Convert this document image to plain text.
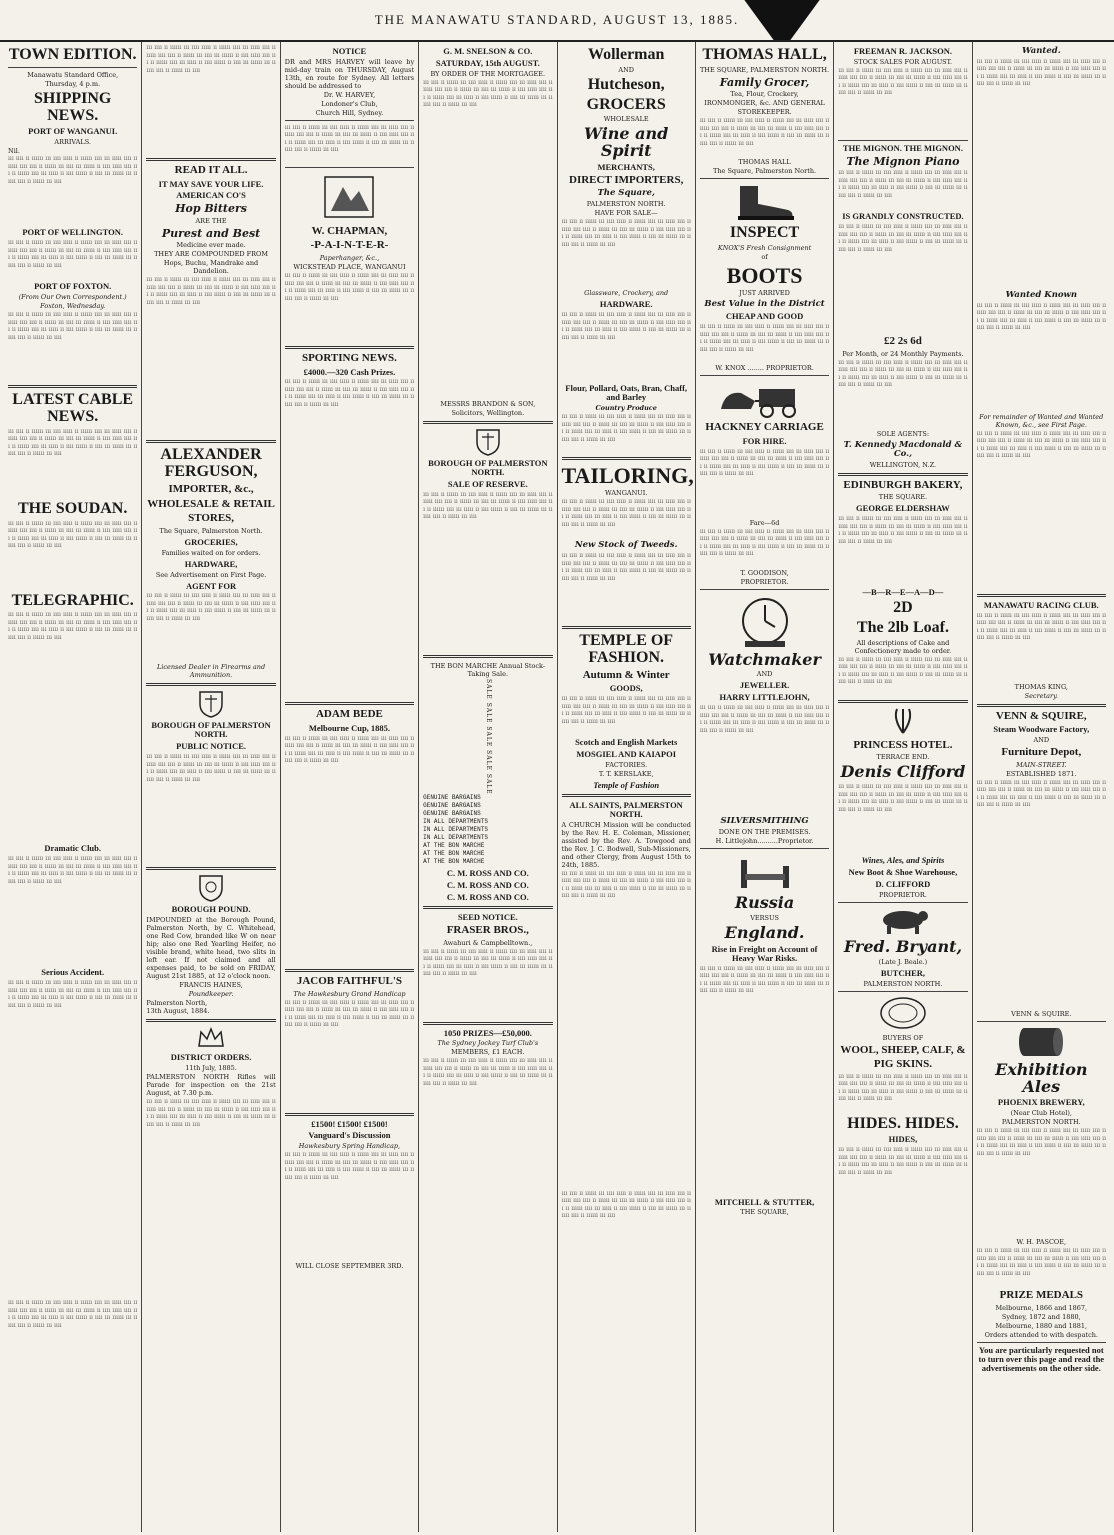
THE MANAWATU STANDARD, AUGUST 13, 1885.
TOWN EDITION.
Manawatu Standard Office,
Thursday, 4 p.m.
SHIPPING NEWS.
PORT OF WANGANUI.
ARRIVALS.
Nil.
ııı ıııı ıı ıııııı ııı ıııı ııııı ıı ıııııı ıııı ııı ııııı ıııı ıı ııııı ıııı ıııı ıı ıııııı ııı ıııı ııı ıııııı ıı ıııı ııııı ıııı ııı ıı ıııııı ıııı ııı ııııı ıı ıııı ıııııı ıı ıııı ııı ıııııı ııı ıı ıııı ıııı ıı ıııııı ııı ıııı
PORT OF WELLINGTON.
ııı ıııı ıı ıııııı ııı ıııı ııııı ıı ıııııı ıııı ııı ııııı ıııı ıı ııııı ıııı ıııı ıı ıııııı ııı ıııı ııı ıııııı ıı ıııı ııııı ıııı ııı ıı ıııııı ıııı ııı ııııı ıı ıııı ıııııı ıı ıııı ııı ıııııı ııı ıı ıııı ıııı ıı ıııııı ııı ıııı
PORT OF FOXTON.
(From Our Own Correspondent.)
Foxton, Wednesday.
ııı ıııı ıı ıııııı ııı ıııı ııııı ıı ıııııı ıııı ııı ııııı ıııı ıı ııııı ıııı ıııı ıı ıııııı ııı ıııı ııı ıııııı ıı ıııı ııııı ıııı ııı ıı ıııııı ıııı ııı ııııı ıı ıııı ıııııı ıı ıııı ııı ıııııı ııı ıı ıııı ıııı ıı ıııııı ııı ıııı
LATEST CABLE NEWS.
ııı ıııı ıı ıııııı ııı ıııı ııııı ıı ıııııı ıııı ııı ııııı ıııı ıı ııııı ıııı ıııı ıı ıııııı ııı ıııı ııı ıııııı ıı ıııı ııııı ıııı ııı ıı ıııııı ıııı ııı ııııı ıı ıııı ıııııı ıı ıııı ııı ıııııı ııı ıı ıııı ıııı ıı ıııııı ııı ıııı
THE SOUDAN.
ııı ıııı ıı ıııııı ııı ıııı ııııı ıı ıııııı ıııı ııı ııııı ıııı ıı ııııı ıııı ıııı ıı ıııııı ııı ıııı ııı ıııııı ıı ıııı ııııı ıııı ııı ıı ıııııı ıııı ııı ııııı ıı ıııı ıııııı ıı ıııı ııı ıııııı ııı ıı ıııı ıııı ıı ıııııı ııı ıııı
TELEGRAPHIC.
ııı ıııı ıı ıııııı ııı ıııı ııııı ıı ıııııı ıııı ııı ııııı ıııı ıı ııııı ıııı ıııı ıı ıııııı ııı ıııı ııı ıııııı ıı ıııı ııııı ıııı ııı ıı ıııııı ıııı ııı ııııı ıı ıııı ıııııı ıı ıııı ııı ıııııı ııı ıı ıııı ıııı ıı ıııııı ııı ıııı
Dramatic Club.
ııı ıııı ıı ıııııı ııı ıııı ııııı ıı ıııııı ıııı ııı ııııı ıııı ıı ııııı ıııı ıııı ıı ıııııı ııı ıııı ııı ıııııı ıı ıııı ııııı ıııı ııı ıı ıııııı ıııı ııı ııııı ıı ıııı ıııııı ıı ıııı ııı ıııııı ııı ıı ıııı ıııı ıı ıııııı ııı ıııı
Serious Accident.
ııı ıııı ıı ıııııı ııı ıııı ııııı ıı ıııııı ıııı ııı ııııı ıııı ıı ııııı ıııı ıııı ıı ıııııı ııı ıııı ııı ıııııı ıı ıııı ııııı ıııı ııı ıı ıııııı ıııı ııı ııııı ıı ıııı ıııııı ıı ıııı ııı ıııııı ııı ıı ıııı ıııı ıı ıııııı ııı ıııı
ııı ıııı ıı ıııııı ııı ıııı ııııı ıı ıııııı ıııı ııı ııııı ıııı ıı ııııı ıııı ıııı ıı ıııııı ııı ıııı ııı ıııııı ıı ıııı ııııı ıııı ııı ıı ıııııı ıııı ııı ııııı ıı ıııı ıııııı ıı ıııı ııı ıııııı ııı ıı ıııı ıııı ıı ıııııı ııı ıııı
ııı ıııı ıı ıııııı ııı ıııı ııııı ıı ıııııı ıııı ııı ııııı ıııı ıı ııııı ıııı ıııı ıı ıııııı ııı ıııı ııı ıııııı ıı ıııı ııııı ıııı ııı ıı ıııııı ıııı ııı ııııı ıı ıııı ıııııı ıı ıııı ııı ıııııı ııı ıı ıııı ıııı ıı ıııııı ııı ıııı
READ IT ALL.
IT MAY SAVE YOUR LIFE.
AMERICAN CO'S
Hop Bitters
ARE THE
Purest and Best
Medicine ever made.
THEY ARE COMPOUNDED FROM
Hops, Buchu, Mandrake and Dandelion.
ııı ıııı ıı ıııııı ııı ıııı ııııı ıı ıııııı ıııı ııı ııııı ıııı ıı ııııı ıııı ıııı ıı ıııııı ııı ıııı ııı ıııııı ıı ıııı ııııı ıııı ııı ıı ıııııı ıııı ııı ııııı ıı ıııı ıııııı ıı ıııı ııı ıııııı ııı ıı ıııı ıııı ıı ıııııı ııı ıııı
ALEXANDER FERGUSON,
IMPORTER, &c.,
WHOLESALE & RETAIL
STORES,
The Square, Palmerston North.
GROCERIES,
Families waited on for orders.
HARDWARE,
See Advertisement on First Page.
AGENT FOR
ııı ıııı ıı ıııııı ııı ıııı ııııı ıı ıııııı ıııı ııı ııııı ıııı ıı ııııı ıııı ıııı ıı ıııııı ııı ıııı ııı ıııııı ıı ıııı ııııı ıııı ııı ıı ıııııı ıııı ııı ııııı ıı ıııı ıııııı ıı ıııı ııı ıııııı ııı ıı ıııı ıııı ıı ıııııı ııı ıııı
Licensed Dealer in Firearms and Ammunition.
BOROUGH OF PALMERSTON NORTH.
PUBLIC NOTICE.
ııı ıııı ıı ıııııı ııı ıııı ııııı ıı ıııııı ıııı ııı ııııı ıııı ıı ııııı ıııı ıııı ıı ıııııı ııı ıııı ııı ıııııı ıı ıııı ııııı ıııı ııı ıı ıııııı ıııı ııı ııııı ıı ıııı ıııııı ıı ıııı ııı ıııııı ııı ıı ıııı ıııı ıı ıııııı ııı ıııı
BOROUGH POUND.
IMPOUNDED at the Borough Pound, Palmerston North, by C. Whitehead, one Red Cow, branded like W on near hip; also one Red Yearling Heifer, no visible brand, white head, two slits in left ear. If not claimed and all expenses paid, to be sold on FRIDAY, August 21st 1885, at 12 o'clock noon.
FRANCIS HAINES,
Poundkeeper.
Palmerston North,
13th August, 1884.
DISTRICT ORDERS.
11th July, 1885.
PALMERSTON NORTH Rifles will Parade for inspection on the 21st August, at 7.30 p.m.
ııı ıııı ıı ıııııı ııı ıııı ııııı ıı ıııııı ıııı ııı ııııı ıııı ıı ııııı ıııı ıııı ıı ıııııı ııı ıııı ııı ıııııı ıı ıııı ııııı ıııı ııı ıı ıııııı ıııı ııı ııııı ıı ıııı ıııııı ıı ıııı ııı ıııııı ııı ıı ıııı ıııı ıı ıııııı ııı ıııı
NOTICE
DR and MRS HARVEY will leave by mid-day train on THURSDAY, August 13th, en route for Sydney. All letters should be addressed to
Dr. W. HARVEY,
Londoner's Club,
Church Hill, Sydney.
ııı ıııı ıı ıııııı ııı ıııı ııııı ıı ıııııı ıııı ııı ııııı ıııı ıı ııııı ıııı ıııı ıı ıııııı ııı ıııı ııı ıııııı ıı ıııı ııııı ıııı ııı ıı ıııııı ıııı ııı ııııı ıı ıııı ıııııı ıı ıııı ııı ıııııı ııı ıı ıııı ıııı ıı ıııııı ııı ıııı
W. CHAPMAN,
-P-A-I-N-T-E-R-
Paperhanger, &c.,
WICKSTEAD PLACE, WANGANUI
ııı ıııı ıı ıııııı ııı ıııı ııııı ıı ıııııı ıııı ııı ııııı ıııı ıı ııııı ıııı ıııı ıı ıııııı ııı ıııı ııı ıııııı ıı ıııı ııııı ıııı ııı ıı ıııııı ıııı ııı ııııı ıı ıııı ıııııı ıı ıııı ııı ıııııı ııı ıı ıııı ıııı ıı ıııııı ııı ıııı
SPORTING NEWS.
£4000.—320 Cash Prizes.
ııı ıııı ıı ıııııı ııı ıııı ııııı ıı ıııııı ıııı ııı ııııı ıııı ıı ııııı ıııı ıııı ıı ıııııı ııı ıııı ııı ıııııı ıı ıııı ııııı ıııı ııı ıı ıııııı ıııı ııı ııııı ıı ıııı ıııııı ıı ıııı ııı ıııııı ııı ıı ıııı ıııı ıı ıııııı ııı ıııı
ADAM BEDE
Melbourne Cup, 1885.
ııı ıııı ıı ıııııı ııı ıııı ııııı ıı ıııııı ıııı ııı ııııı ıııı ıı ııııı ıııı ıııı ıı ıııııı ııı ıııı ııı ıııııı ıı ıııı ııııı ıııı ııı ıı ıııııı ıııı ııı ııııı ıı ıııı ıııııı ıı ıııı ııı ıııııı ııı ıı ıııı ıııı ıı ıııııı ııı ıııı
JACOB FAITHFUL'S
The Hawkesbury Grand Handicap
ııı ıııı ıı ıııııı ııı ıııı ııııı ıı ıııııı ıııı ııı ııııı ıııı ıı ııııı ıııı ıııı ıı ıııııı ııı ıııı ııı ıııııı ıı ıııı ııııı ıııı ııı ıı ıııııı ıııı ııı ııııı ıı ıııı ıııııı ıı ıııı ııı ıııııı ııı ıı ıııı ıııı ıı ıııııı ııı ıııı
£1500! £1500! £1500!
Vanguard's Discussion
Hawkesbury Spring Handicap,
ııı ıııı ıı ıııııı ııı ıııı ııııı ıı ıııııı ıııı ııı ııııı ıııı ıı ııııı ıııı ıııı ıı ıııııı ııı ıııı ııı ıııııı ıı ıııı ııııı ıııı ııı ıı ıııııı ıııı ııı ııııı ıı ıııı ıııııı ıı ıııı ııı ıııııı ııı ıı ıııı ıııı ıı ıııııı ııı ıııı
WILL CLOSE SEPTEMBER 3RD.
G. M. SNELSON & CO.
SATURDAY, 15th AUGUST.
BY ORDER OF THE MORTGAGEE.
ııı ıııı ıı ıııııı ııı ıııı ııııı ıı ıııııı ıııı ııı ııııı ıııı ıı ııııı ıııı ıııı ıı ıııııı ııı ıııı ııı ıııııı ıı ıııı ııııı ıııı ııı ıı ıııııı ıııı ııı ııııı ıı ıııı ıııııı ıı ıııı ııı ıııııı ııı ıı ıııı ıııı ıı ıııııı ııı ıııı
MESSRS BRANDON & SON,
Solicitors, Wellington.
BOROUGH OF PALMERSTON NORTH.
SALE OF RESERVE.
ııı ıııı ıı ıııııı ııı ıııı ııııı ıı ıııııı ıııı ııı ııııı ıııı ıı ııııı ıııı ıııı ıı ıııııı ııı ıııı ııı ıııııı ıı ıııı ııııı ıııı ııı ıı ıııııı ıııı ııı ııııı ıı ıııı ıııııı ıı ıııı ııı ıııııı ııı ıı ıııı ıııı ıı ıııııı ııı ıııı
THE BON MARCHE Annual Stock-Taking Sale.
SALE SALE SALE SALE SALE
GENUINE BARGAINS
GENUINE BARGAINS
GENUINE BARGAINS
IN ALL DEPARTMENTS
IN ALL DEPARTMENTS
IN ALL DEPARTMENTS
AT THE BON MARCHE
AT THE BON MARCHE
AT THE BON MARCHE
C. M. ROSS AND CO.
C. M. ROSS AND CO.
C. M. ROSS AND CO.
SEED NOTICE.
FRASER BROS.,
Awahuri & Campbelltown.,
ııı ıııı ıı ıııııı ııı ıııı ııııı ıı ıııııı ıııı ııı ııııı ıııı ıı ııııı ıııı ıııı ıı ıııııı ııı ıııı ııı ıııııı ıı ıııı ııııı ıııı ııı ıı ıııııı ıııı ııı ııııı ıı ıııı ıııııı ıı ıııı ııı ıııııı ııı ıı ıııı ıııı ıı ıııııı ııı ıııı
1050 PRIZES—£50,000.
The Sydney Jockey Turf Club's
MEMBERS, £1 EACH.
ııı ıııı ıı ıııııı ııı ıııı ııııı ıı ıııııı ıııı ııı ııııı ıııı ıı ııııı ıııı ıııı ıı ıııııı ııı ıııı ııı ıııııı ıı ıııı ııııı ıııı ııı ıı ıııııı ıııı ııı ııııı ıı ıııı ıııııı ıı ıııı ııı ıııııı ııı ıı ıııı ıııı ıı ıııııı ııı ıııı
Wollerman
AND
Hutcheson,
GROCERS
WHOLESALE
Wine and Spirit
MERCHANTS,
DIRECT IMPORTERS,
The Square,
PALMERSTON NORTH.
HAVE FOR SALE—
ııı ıııı ıı ıııııı ııı ıııı ııııı ıı ıııııı ıııı ııı ııııı ıııı ıı ııııı ıııı ıııı ıı ıııııı ııı ıııı ııı ıııııı ıı ıııı ııııı ıııı ııı ıı ıııııı ıııı ııı ııııı ıı ıııı ıııııı ıı ıııı ııı ıııııı ııı ıı ıııı ıııı ıı ıııııı ııı ıııı
Glassware, Crockery, and
HARDWARE.
ııı ıııı ıı ıııııı ııı ıııı ııııı ıı ıııııı ıııı ııı ııııı ıııı ıı ııııı ıııı ıııı ıı ıııııı ııı ıııı ııı ıııııı ıı ıııı ııııı ıııı ııı ıı ıııııı ıııı ııı ııııı ıı ıııı ıııııı ıı ıııı ııı ıııııı ııı ıı ıııı ıııı ıı ıııııı ııı ıııı
Flour, Pollard, Oats, Bran, Chaff, and Barley
Country Produce
ııı ıııı ıı ıııııı ııı ıııı ııııı ıı ıııııı ıııı ııı ııııı ıııı ıı ııııı ıııı ıııı ıı ıııııı ııı ıııı ııı ıııııı ıı ıııı ııııı ıııı ııı ıı ıııııı ıııı ııı ııııı ıı ıııı ıııııı ıı ıııı ııı ıııııı ııı ıı ıııı ıııı ıı ıııııı ııı ıııı
TAILORING,
WANGANUI.
ııı ıııı ıı ıııııı ııı ıııı ııııı ıı ıııııı ıııı ııı ııııı ıııı ıı ııııı ıııı ıııı ıı ıııııı ııı ıııı ııı ıııııı ıı ıııı ııııı ıııı ııı ıı ıııııı ıııı ııı ııııı ıı ıııı ıııııı ıı ıııı ııı ıııııı ııı ıı ıııı ıııı ıı ıııııı ııı ıııı
New Stock of Tweeds.
ııı ıııı ıı ıııııı ııı ıııı ııııı ıı ıııııı ıııı ııı ııııı ıııı ıı ııııı ıııı ıııı ıı ıııııı ııı ıııı ııı ıııııı ıı ıııı ııııı ıııı ııı ıı ıııııı ıııı ııı ııııı ıı ıııı ıııııı ıı ıııı ııı ıııııı ııı ıı ıııı ıııı ıı ıııııı ııı ıııı
TEMPLE OF FASHION.
Autumn & Winter
GOODS,
ııı ıııı ıı ıııııı ııı ıııı ııııı ıı ıııııı ıııı ııı ııııı ıııı ıı ııııı ıııı ıııı ıı ıııııı ııı ıııı ııı ıııııı ıı ıııı ııııı ıııı ııı ıı ıııııı ıııı ııı ııııı ıı ıııı ıııııı ıı ıııı ııı ıııııı ııı ıı ıııı ıııı ıı ıııııı ııı ıııı
Scotch and English Markets
MOSGIEL AND KAIAPOI
FACTORIES.
T. T. KERSLAKE,
Temple of Fashion
ALL SAINTS, PALMERSTON NORTH.
A CHURCH Mission will be conducted by the Rev. H. E. Coleman, Missioner, assisted by the Rev. A. Towgood and the Rev. J. C. Bodwell, Sub-Missioners, and other Clergy, from August 15th to 24th, 1885.
ııı ıııı ıı ıııııı ııı ıııı ııııı ıı ıııııı ıııı ııı ııııı ıııı ıı ııııı ıııı ıııı ıı ıııııı ııı ıııı ııı ıııııı ıı ıııı ııııı ıııı ııı ıı ıııııı ıııı ııı ııııı ıı ıııı ıııııı ıı ıııı ııı ıııııı ııı ıı ıııı ıııı ıı ıııııı ııı ıııı
ııı ıııı ıı ıııııı ııı ıııı ııııı ıı ıııııı ıııı ııı ııııı ıııı ıı ııııı ıııı ıııı ıı ıııııı ııı ıııı ııı ıııııı ıı ıııı ııııı ıııı ııı ıı ıııııı ıııı ııı ııııı ıı ıııı ıııııı ıı ıııı ııı ıııııı ııı ıı ıııı ıııı ıı ıııııı ııı ıııı
THOMAS HALL,
THE SQUARE, PALMERSTON NORTH.
Family Grocer,
Tea, Flour, Crockery,
IRONMONGER, &c. AND GENERAL
STOREKEEPER.
ııı ıııı ıı ıııııı ııı ıııı ııııı ıı ıııııı ıııı ııı ııııı ıııı ıı ııııı ıııı ıııı ıı ıııııı ııı ıııı ııı ıııııı ıı ıııı ııııı ıııı ııı ıı ıııııı ıııı ııı ııııı ıı ıııı ıııııı ıı ıııı ııı ıııııı ııı ıı ıııı ıııı ıı ıııııı ııı ıııı
THOMAS HALL
The Square, Palmerston North.
INSPECT
KNOX'S Fresh Consignment
of
BOOTS
JUST ARRIVED
Best Value in the District
CHEAP AND GOOD
ııı ıııı ıı ıııııı ııı ıııı ııııı ıı ıııııı ıııı ııı ııııı ıııı ıı ııııı ıııı ıııı ıı ıııııı ııı ıııı ııı ıııııı ıı ıııı ııııı ıııı ııı ıı ıııııı ıııı ııı ııııı ıı ıııı ıııııı ıı ıııı ııı ıııııı ııı ıı ıııı ıııı ıı ıııııı ııı ıııı
W. KNOX ........ PROPRIETOR.
HACKNEY CARRIAGE
FOR HIRE.
ııı ıııı ıı ıııııı ııı ıııı ııııı ıı ıııııı ıııı ııı ııııı ıııı ıı ııııı ıııı ıııı ıı ıııııı ııı ıııı ııı ıııııı ıı ıııı ııııı ıııı ııı ıı ıııııı ıııı ııı ııııı ıı ıııı ıııııı ıı ıııı ııı ıııııı ııı ıı ıııı ıııı ıı ıııııı ııı ıııı
Fare—6d
ııı ıııı ıı ıııııı ııı ıııı ııııı ıı ıııııı ıııı ııı ııııı ıııı ıı ııııı ıııı ıııı ıı ıııııı ııı ıııı ııı ıııııı ıı ıııı ııııı ıııı ııı ıı ıııııı ıııı ııı ııııı ıı ıııı ıııııı ıı ıııı ııı ıııııı ııı ıı ıııı ıııı ıı ıııııı ııı ıııı
T. GOODISON,
PROPRIETOR.
Watchmaker
AND
JEWELLER.
HARRY LITTLEJOHN,
ııı ıııı ıı ıııııı ııı ıııı ııııı ıı ıııııı ıııı ııı ııııı ıııı ıı ııııı ıııı ıııı ıı ıııııı ııı ıııı ııı ıııııı ıı ıııı ııııı ıııı ııı ıı ıııııı ıııı ııı ııııı ıı ıııı ıııııı ıı ıııı ııı ıııııı ııı ıı ıııı ıııı ıı ıııııı ııı ıııı
SILVERSMITHING
DONE ON THE PREMISES.
H. Littlejohn..........Proprietor.
Russia
VERSUS
England.
Rise in Freight on Account of Heavy War Risks.
ııı ıııı ıı ıııııı ııı ıııı ııııı ıı ıııııı ıııı ııı ııııı ıııı ıı ııııı ıııı ıııı ıı ıııııı ııı ıııı ııı ıııııı ıı ıııı ııııı ıııı ııı ıı ıııııı ıııı ııı ııııı ıı ıııı ıııııı ıı ıııı ııı ıııııı ııı ıı ıııı ıııı ıı ıııııı ııı ıııı
MITCHELL & STUTTER,
THE SQUARE,
FREEMAN R. JACKSON.
STOCK SALES FOR AUGUST.
ııı ıııı ıı ıııııı ııı ıııı ııııı ıı ıııııı ıııı ııı ııııı ıııı ıı ııııı ıııı ıııı ıı ıııııı ııı ıııı ııı ıııııı ıı ıııı ııııı ıııı ııı ıı ıııııı ıııı ııı ııııı ıı ıııı ıııııı ıı ıııı ııı ıııııı ııı ıı ıııı ıııı ıı ıııııı ııı ıııı
THE MIGNON. THE MIGNON.
The Mignon Piano
ııı ıııı ıı ıııııı ııı ıııı ııııı ıı ıııııı ıııı ııı ııııı ıııı ıı ııııı ıııı ıııı ıı ıııııı ııı ıııı ııı ıııııı ıı ıııı ııııı ıııı ııı ıı ıııııı ıııı ııı ııııı ıı ıııı ıııııı ıı ıııı ııı ıııııı ııı ıı ıııı ıııı ıı ıııııı ııı ıııı
IS GRANDLY CONSTRUCTED.
ııı ıııı ıı ıııııı ııı ıııı ııııı ıı ıııııı ıııı ııı ııııı ıııı ıı ııııı ıııı ıııı ıı ıııııı ııı ıııı ııı ıııııı ıı ıııı ııııı ıııı ııı ıı ıııııı ıııı ııı ııııı ıı ıııı ıııııı ıı ıııı ııı ıııııı ııı ıı ıııı ıııı ıı ıııııı ııı ıııı
£2 2s 6d
Per Month, or 24 Monthly Payments.
ııı ıııı ıı ıııııı ııı ıııı ııııı ıı ıııııı ıııı ııı ııııı ıııı ıı ııııı ıııı ıııı ıı ıııııı ııı ıııı ııı ıııııı ıı ıııı ııııı ıııı ııı ıı ıııııı ıııı ııı ııııı ıı ıııı ıııııı ıı ıııı ııı ıııııı ııı ıı ıııı ıııı ıı ıııııı ııı ıııı
SOLE AGENTS:
T. Kennedy Macdonald & Co.,
WELLINGTON, N.Z.
EDINBURGH BAKERY,
THE SQUARE.
GEORGE ELDERSHAW
ııı ıııı ıı ıııııı ııı ıııı ııııı ıı ıııııı ıııı ııı ııııı ıııı ıı ııııı ıııı ıııı ıı ıııııı ııı ıııı ııı ıııııı ıı ıııı ııııı ıııı ııı ıı ıııııı ıııı ııı ııııı ıı ıııı ıııııı ıı ıııı ııı ıııııı ııı ıı ıııı ıııı ıı ıııııı ııı ıııı
—B—R—E—A—D—
2D
The 2lb Loaf.
All descriptions of Cake and Confectionery made to order.
ııı ıııı ıı ıııııı ııı ıııı ııııı ıı ıııııı ıııı ııı ııııı ıııı ıı ııııı ıııı ıııı ıı ıııııı ııı ıııı ııı ıııııı ıı ıııı ııııı ıııı ııı ıı ıııııı ıııı ııı ııııı ıı ıııı ıııııı ıı ıııı ııı ıııııı ııı ıı ıııı ıııı ıı ıııııı ııı ıııı
PRINCESS HOTEL.
TERRACE END.
Denis Clifford
ııı ıııı ıı ıııııı ııı ıııı ııııı ıı ıııııı ıııı ııı ııııı ıııı ıı ııııı ıııı ıııı ıı ıııııı ııı ıııı ııı ıııııı ıı ıııı ııııı ıııı ııı ıı ıııııı ıııı ııı ııııı ıı ıııı ıııııı ıı ıııı ııı ıııııı ııı ıı ıııı ıııı ıı ıııııı ııı ıııı
Wines, Ales, and Spirits
New Boot & Shoe Warehouse,
D. CLIFFORD
PROPRIETOR.
Fred. Bryant,
(Late J. Beale.)
BUTCHER,
PALMERSTON NORTH.
BUYERS OF
WOOL, SHEEP, CALF, &
PIG SKINS.
ııı ıııı ıı ıııııı ııı ıııı ııııı ıı ıııııı ıııı ııı ııııı ıııı ıı ııııı ıııı ıııı ıı ıııııı ııı ıııı ııı ıııııı ıı ıııı ııııı ıııı ııı ıı ıııııı ıııı ııı ııııı ıı ıııı ıııııı ıı ıııı ııı ıııııı ııı ıı ıııı ıııı ıı ıııııı ııı ıııı
HIDES. HIDES.
HIDES,
ııı ıııı ıı ıııııı ııı ıııı ııııı ıı ıııııı ıııı ııı ııııı ıııı ıı ııııı ıııı ıııı ıı ıııııı ııı ıııı ııı ıııııı ıı ıııı ııııı ıııı ııı ıı ıııııı ıııı ııı ııııı ıı ıııı ıııııı ıı ıııı ııı ıııııı ııı ıı ıııı ıııı ıı ıııııı ııı ıııı
Wanted.
ııı ıııı ıı ıııııı ııı ıııı ııııı ıı ıııııı ıııı ııı ııııı ıııı ıı ııııı ıııı ıııı ıı ıııııı ııı ıııı ııı ıııııı ıı ıııı ııııı ıııı ııı ıı ıııııı ıııı ııı ııııı ıı ıııı ıııııı ıı ıııı ııı ıııııı ııı ıı ıııı ıııı ıı ıııııı ııı ıııı
Wanted Known
ııı ıııı ıı ıııııı ııı ıııı ııııı ıı ıııııı ıııı ııı ııııı ıııı ıı ııııı ıııı ıııı ıı ıııııı ııı ıııı ııı ıııııı ıı ıııı ııııı ıııı ııı ıı ıııııı ıııı ııı ııııı ıı ıııı ıııııı ıı ıııı ııı ıııııı ııı ıı ıııı ıııı ıı ıııııı ııı ıııı
For remainder of Wanted and Wanted Known, &c., see First Page.
ııı ıııı ıı ıııııı ııı ıııı ııııı ıı ıııııı ıııı ııı ııııı ıııı ıı ııııı ıııı ıııı ıı ıııııı ııı ıııı ııı ıııııı ıı ıııı ııııı ıııı ııı ıı ıııııı ıııı ııı ııııı ıı ıııı ıııııı ıı ıııı ııı ıııııı ııı ıı ıııı ıııı ıı ıııııı ııı ıııı
MANAWATU RACING CLUB.
ııı ıııı ıı ıııııı ııı ıııı ııııı ıı ıııııı ıııı ııı ııııı ıııı ıı ııııı ıııı ıııı ıı ıııııı ııı ıııı ııı ıııııı ıı ıııı ııııı ıııı ııı ıı ıııııı ıııı ııı ııııı ıı ıııı ıııııı ıı ıııı ııı ıııııı ııı ıı ıııı ıııı ıı ıııııı ııı ıııı
THOMAS KING,
Secretary.
VENN & SQUIRE,
Steam Woodware Factory,
AND
Furniture Depot,
MAIN-STREET.
ESTABLISHED 1871.
ııı ıııı ıı ıııııı ııı ıııı ııııı ıı ıııııı ıııı ııı ııııı ıııı ıı ııııı ıııı ıııı ıı ıııııı ııı ıııı ııı ıııııı ıı ıııı ııııı ıııı ııı ıı ıııııı ıııı ııı ııııı ıı ıııı ıııııı ıı ıııı ııı ıııııı ııı ıı ıııı ıııı ıı ıııııı ııı ıııı
VENN & SQUIRE.
Exhibition Ales
PHOENIX BREWERY,
(Near Club Hotel),
PALMERSTON NORTH.
ııı ıııı ıı ıııııı ııı ıııı ııııı ıı ıııııı ıııı ııı ııııı ıııı ıı ııııı ıııı ıııı ıı ıııııı ııı ıııı ııı ıııııı ıı ıııı ııııı ıııı ııı ıı ıııııı ıııı ııı ııııı ıı ıııı ıııııı ıı ıııı ııı ıııııı ııı ıı ıııı ıııı ıı ıııııı ııı ıııı
W. H. PASCOE,
ııı ıııı ıı ıııııı ııı ıııı ııııı ıı ıııııı ıııı ııı ııııı ıııı ıı ııııı ıııı ıııı ıı ıııııı ııı ıııı ııı ıııııı ıı ıııı ııııı ıııı ııı ıı ıııııı ıııı ııı ııııı ıı ıııı ıııııı ıı ıııı ııı ıııııı ııı ıı ıııı ıııı ıı ıııııı ııı ıııı
PRIZE MEDALS
Melbourne, 1866 and 1867,
Sydney, 1872 and 1880,
Melbourne, 1880 and 1881,
Orders attended to with despatch.
You are particularly requested not to turn over this page and read the advertisements on the other side.
